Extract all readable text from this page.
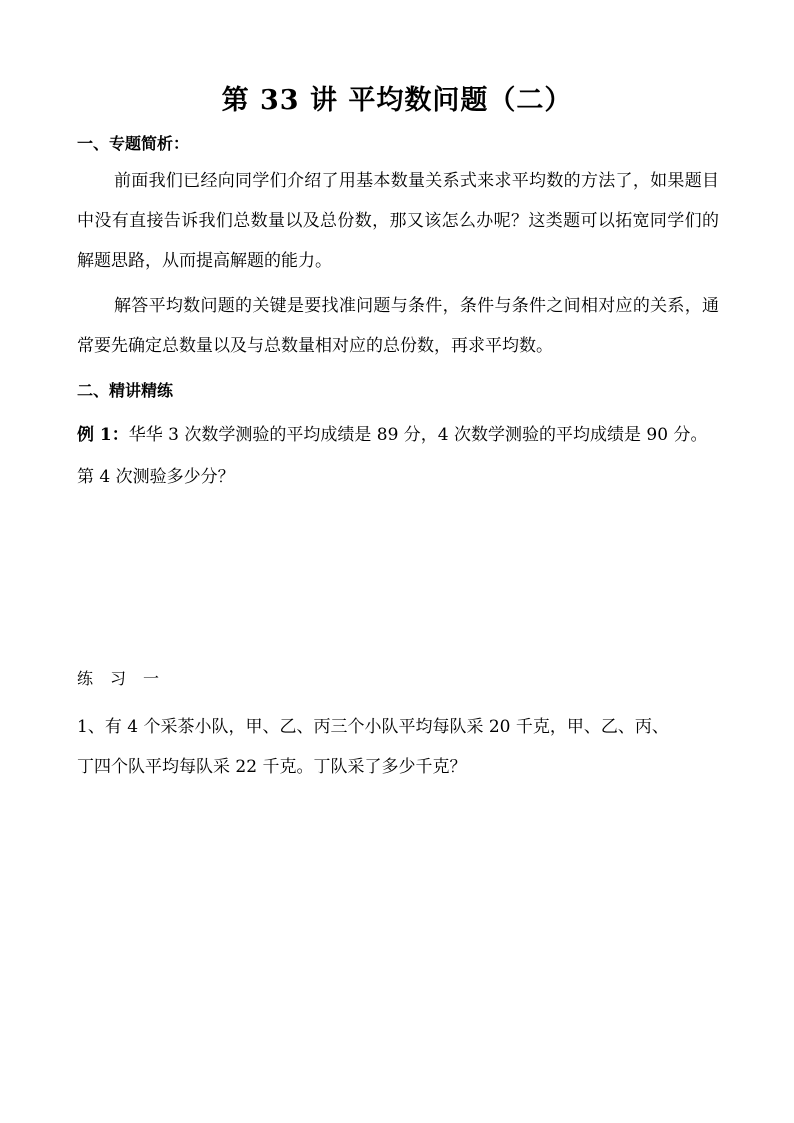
第 33 讲 平均数问题（二）
一、专题简析：

前面我们已经向同学们介绍了用基本数量关系式来求平均数的方法了，如果题目中没有直接告诉我们总数量以及总份数，那又该怎么办呢？这类题可以拓宽同学们的解题思路，从而提高解题的能力。

解答平均数问题的关键是要找准问题与条件，条件与条件之间相对应的关系，通常要先确定总数量以及与总数量相对应的总份数，再求平均数。

二、精讲精练
例 1：华华 3 次数学测验的平均成绩是 89 分，4 次数学测验的平均成绩是 90 分。
第 4 次测验多少分？
练习一
1、有 4 个采茶小队，甲、乙、丙三个小队平均每队采 20 千克，甲、乙、丙、
丁四个队平均每队采 22 千克。丁队采了多少千克？
